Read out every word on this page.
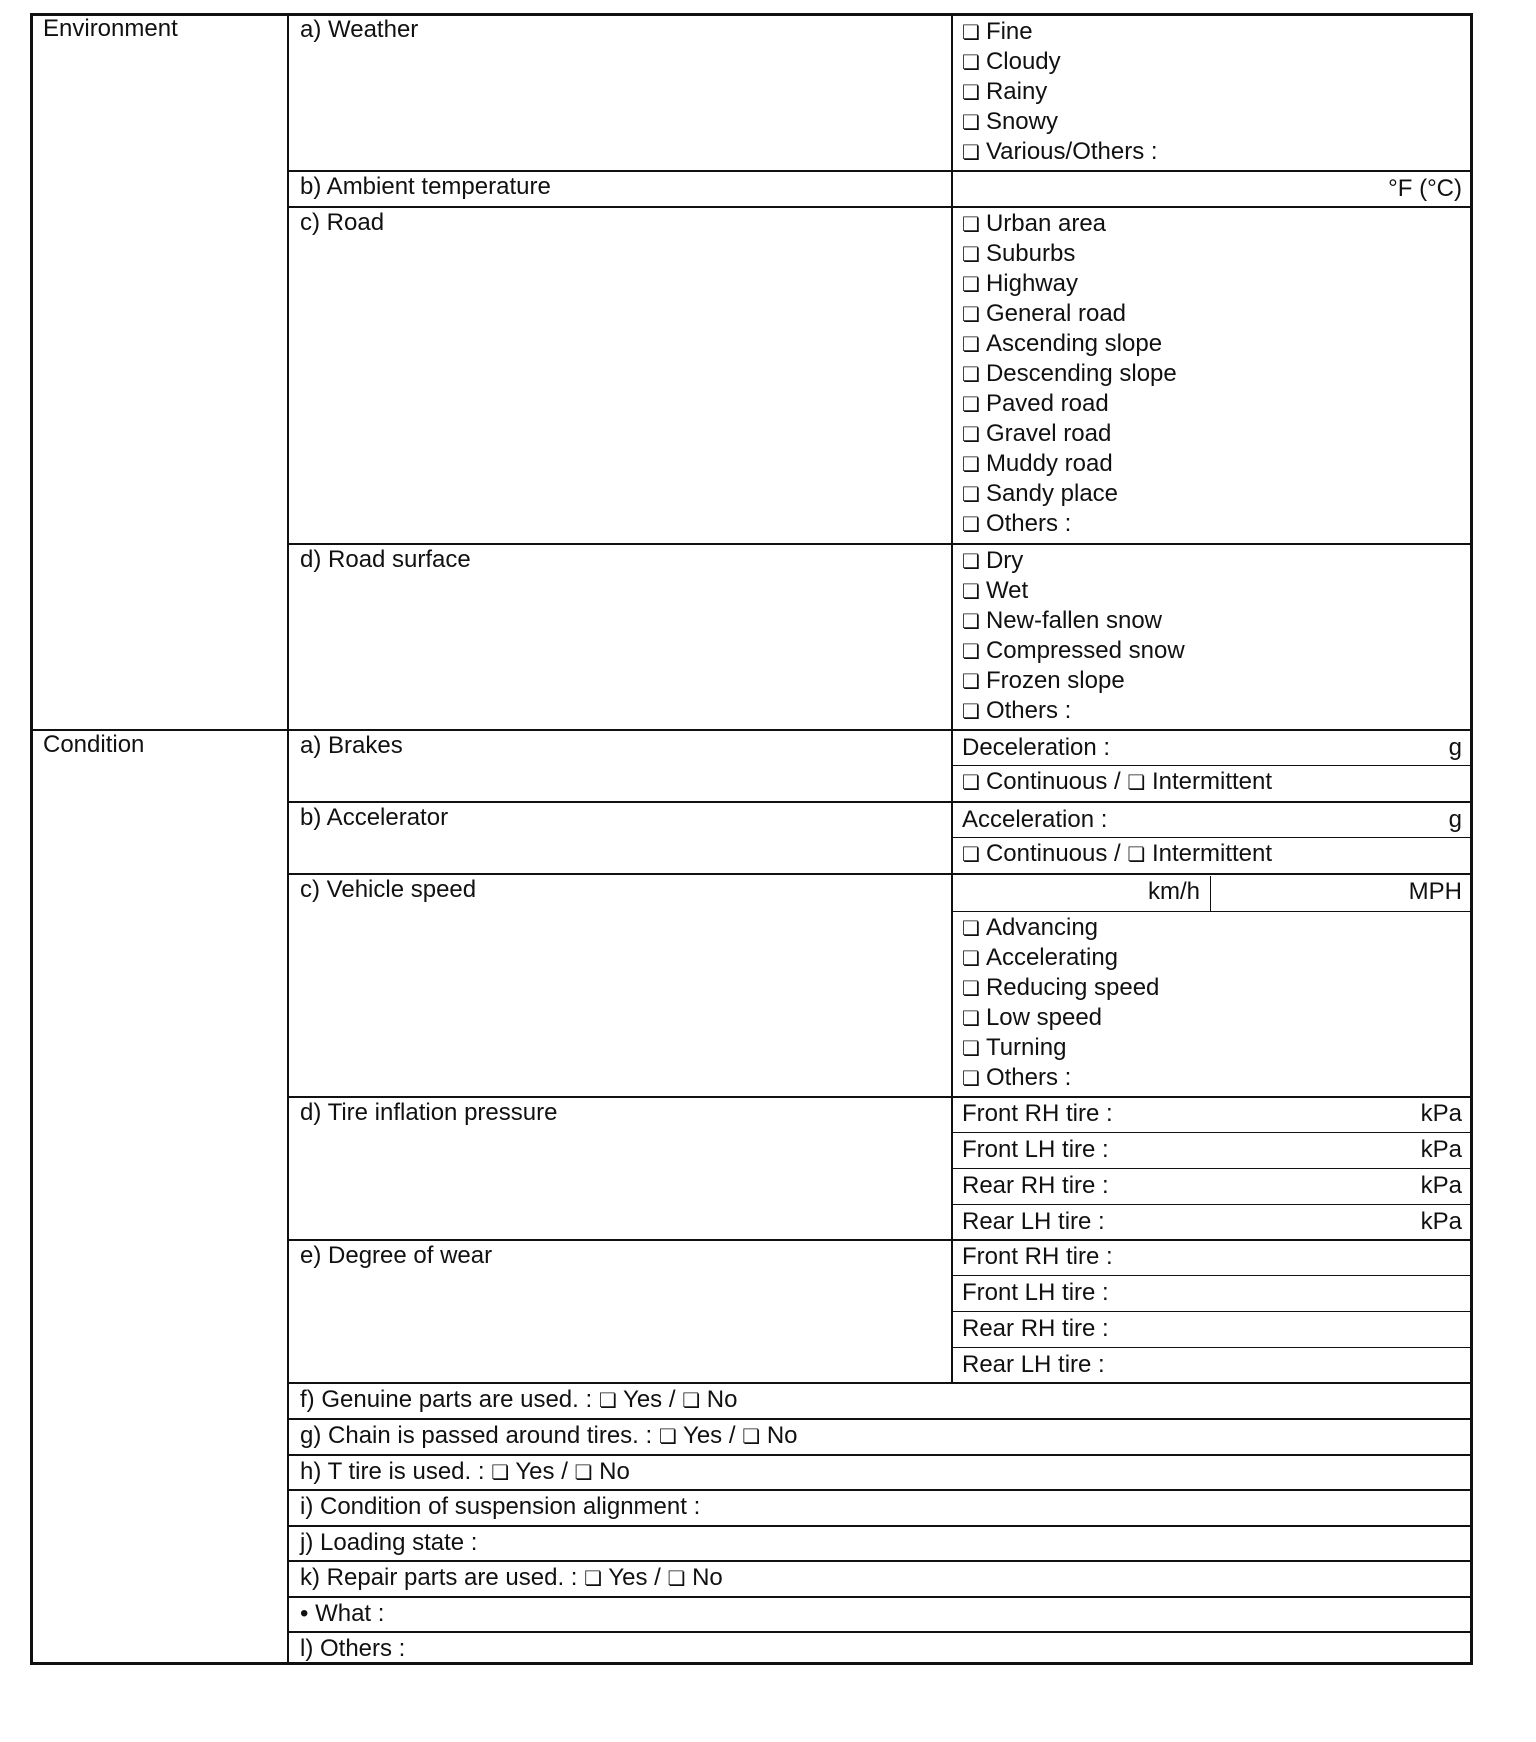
Environment	a) Weather	❏ Fine
❏ Cloudy
❏ Rainy
❏ Snowy
❏ Various/Others :
b) Ambient temperature	°F (°C)
c) Road	❏ Urban area
❏ Suburbs
❏ Highway
❏ General road
❏ Ascending slope
❏ Descending slope
❏ Paved road
❏ Gravel road
❏ Muddy road
❏ Sandy place
❏ Others :
d) Road surface	❏ Dry
❏ Wet
❏ New-fallen snow
❏ Compressed snow
❏ Frozen slope
❏ Others :
Condition	a) Brakes	Deceleration :	g
❏ Continuous / ❏ Intermittent
b) Accelerator	Acceleration :	g
❏ Continuous / ❏ Intermittent
c) Vehicle speed	km/h	MPH
❏ Advancing
❏ Accelerating
❏ Reducing speed
❏ Low speed
❏ Turning
❏ Others :
d) Tire inflation pressure	Front RH tire :	kPa
Front LH tire :	kPa
Rear RH tire :	kPa
Rear LH tire :	kPa
e) Degree of wear	Front RH tire :
Front LH tire :
Rear RH tire :
Rear LH tire :
f) Genuine parts are used. : ❏ Yes / ❏ No
g) Chain is passed around tires. : ❏ Yes / ❏ No
h) T tire is used. : ❏ Yes / ❏ No
i) Condition of suspension alignment :
j) Loading state :
k) Repair parts are used. : ❏ Yes / ❏ No
• What :
l) Others :
